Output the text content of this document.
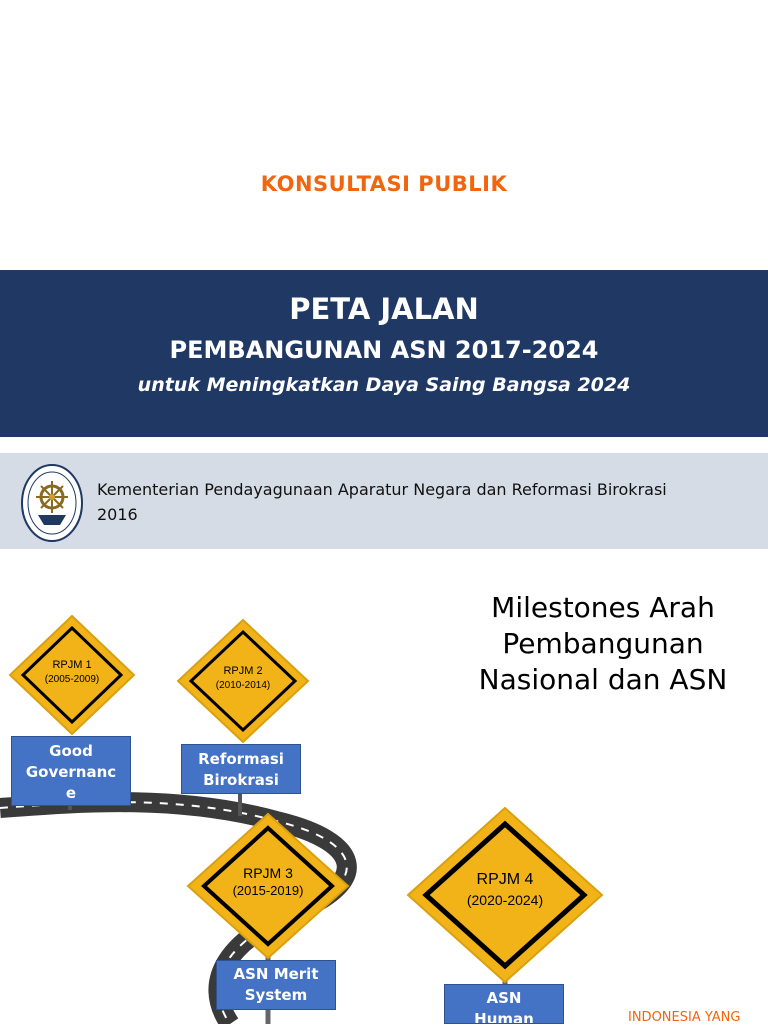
KONSULTASI PUBLIK
PETA JALAN
PEMBANGUNAN ASN 2017-2024
untuk Meningkatkan Daya Saing Bangsa 2024
Kementerian Pendayagunaan Aparatur Negara dan Reformasi Birokrasi
2016
Milestones Arah
Pembangunan
Nasional dan ASN
RPJM 1
(2005-2009)
Good
Governanc
e
RPJM 2
(2010-2014)
Reformasi
Birokrasi
RPJM 3
(2015-2019)
ASN Merit
System
RPJM 4
(2020-2024)
ASN
Human	INDONESIA YANG
